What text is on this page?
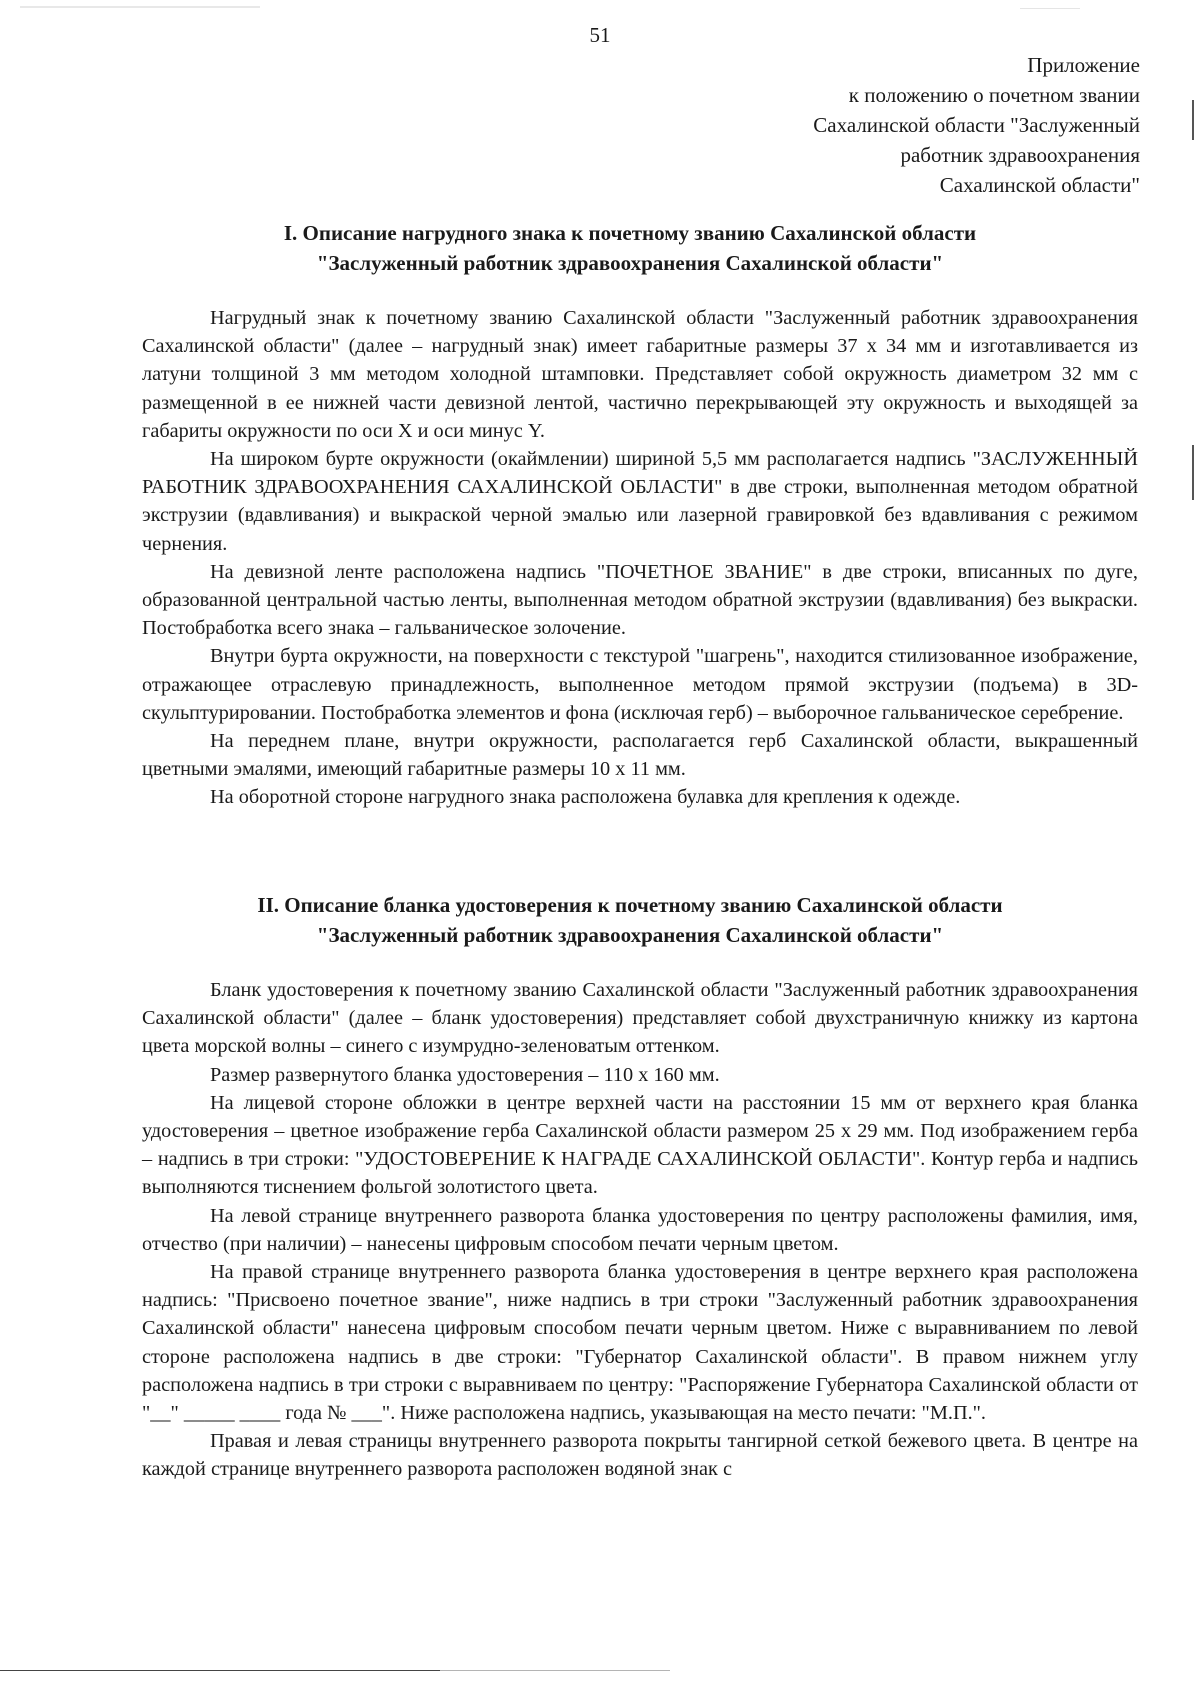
51
Приложение
к положению о почетном звании
Сахалинской области "Заслуженный
работник здравоохранения
Сахалинской области"
I. Описание нагрудного знака к почетному званию Сахалинской области
"Заслуженный работник здравоохранения Сахалинской области"

Нагрудный знак к почетному званию Сахалинской области "Заслуженный работник здравоохранения Сахалинской области" (далее – нагрудный знак) имеет габаритные размеры 37 х 34 мм и изготавливается из латуни толщиной 3 мм методом холодной штамповки. Представляет собой окружность диаметром 32 мм с размещенной в ее нижней части девизной лентой, частично перекрывающей эту окружность и выходящей за габариты окружности по оси X и оси минус Y.

На широком бурте окружности (окаймлении) шириной 5,5 мм располагается надпись "ЗАСЛУЖЕННЫЙ РАБОТНИК ЗДРАВООХРАНЕНИЯ САХАЛИНСКОЙ ОБЛАСТИ" в две строки, выполненная методом обратной экструзии (вдавливания) и выкраской черной эмалью или лазерной гравировкой без вдавливания с режимом чернения.

На девизной ленте расположена надпись "ПОЧЕТНОЕ ЗВАНИЕ" в две строки, вписанных по дуге, образованной центральной частью ленты, выполненная методом обратной экструзии (вдавливания) без выкраски. Постобработка всего знака – гальваническое золочение.

Внутри бурта окружности, на поверхности с текстурой "шагрень", находится стилизованное изображение, отражающее отраслевую принадлежность, выполненное методом прямой экструзии (подъема) в 3D-скульптурировании. Постобработка элементов и фона (исключая герб) – выборочное гальваническое серебрение.

На переднем плане, внутри окружности, располагается герб Сахалинской области, выкрашенный цветными эмалями, имеющий габаритные размеры 10 х 11 мм.

На оборотной стороне нагрудного знака расположена булавка для крепления к одежде.

II. Описание бланка удостоверения к почетному званию Сахалинской области
"Заслуженный работник здравоохранения Сахалинской области"

Бланк удостоверения к почетному званию Сахалинской области "Заслуженный работник здравоохранения Сахалинской области" (далее – бланк удостоверения) представляет собой двухстраничную книжку из картона цвета морской волны – синего с изумрудно-зеленоватым оттенком.

Размер развернутого бланка удостоверения – 110 х 160 мм.

На лицевой стороне обложки в центре верхней части на расстоянии 15 мм от верхнего края бланка удостоверения – цветное изображение герба Сахалинской области размером 25 х 29 мм. Под изображением герба – надпись в три строки: "УДОСТОВЕРЕНИЕ К НАГРАДЕ САХАЛИНСКОЙ ОБЛАСТИ". Контур герба и надпись выполняются тиснением фольгой золотистого цвета.

На левой странице внутреннего разворота бланка удостоверения по центру расположены фамилия, имя, отчество (при наличии) – нанесены цифровым способом печати черным цветом.

На правой странице внутреннего разворота бланка удостоверения в центре верхнего края расположена надпись: "Присвоено почетное звание", ниже надпись в три строки "Заслуженный работник здравоохранения Сахалинской области" нанесена цифровым способом печати черным цветом. Ниже с выравниванием по левой стороне расположена надпись в две строки: "Губернатор Сахалинской области". В правом нижнем углу расположена надпись в три строки с выравниваем по центру: "Распоряжение Губернатора Сахалинской области от "__" _____ ____ года № ___". Ниже расположена надпись, указывающая на место печати: "М.П.".

Правая и левая страницы внутреннего разворота покрыты тангирной сеткой бежевого цвета. В центре на каждой странице внутреннего разворота расположен водяной знак с
